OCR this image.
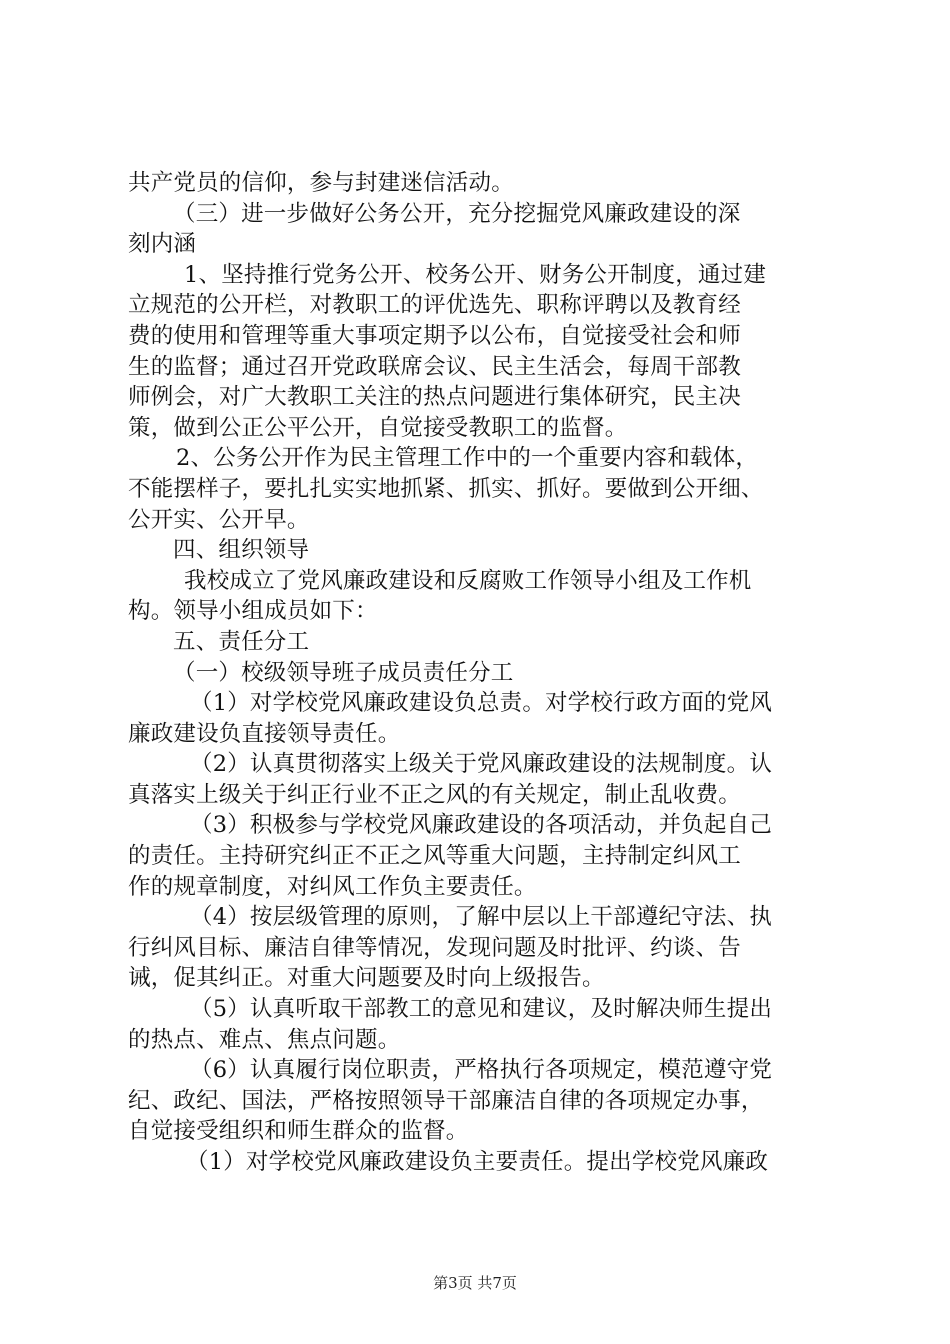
共产党员的信仰，参与封建迷信活动。
（三）进一步做好公务公开，充分挖掘党风廉政建设的深
刻内涵
1、坚持推行党务公开、校务公开、财务公开制度，通过建
立规范的公开栏，对教职工的评优选先、职称评聘以及教育经
费的使用和管理等重大事项定期予以公布，自觉接受社会和师
生的监督；通过召开党政联席会议、民主生活会，每周干部教
师例会，对广大教职工关注的热点问题进行集体研究，民主决
策，做到公正公平公开，自觉接受教职工的监督。
2、公务公开作为民主管理工作中的一个重要内容和载体，
不能摆样子，要扎扎实实地抓紧、抓实、抓好。要做到公开细、
公开实、公开早。
四、组织领导
我校成立了党风廉政建设和反腐败工作领导小组及工作机
构。领导小组成员如下：
五、责任分工
（一）校级领导班子成员责任分工
（1）对学校党风廉政建设负总责。对学校行政方面的党风
廉政建设负直接领导责任。
（2）认真贯彻落实上级关于党风廉政建设的法规制度。认
真落实上级关于纠正行业不正之风的有关规定，制止乱收费。
（3）积极参与学校党风廉政建设的各项活动，并负起自己
的责任。主持研究纠正不正之风等重大问题，主持制定纠风工
作的规章制度，对纠风工作负主要责任。
（4）按层级管理的原则，了解中层以上干部遵纪守法、执
行纠风目标、廉洁自律等情况，发现问题及时批评、约谈、告
诫，促其纠正。对重大问题要及时向上级报告。
（5）认真听取干部教工的意见和建议，及时解决师生提出
的热点、难点、焦点问题。
（6）认真履行岗位职责，严格执行各项规定，模范遵守党
纪、政纪、国法，严格按照领导干部廉洁自律的各项规定办事，
自觉接受组织和师生群众的监督。
（1）对学校党风廉政建设负主要责任。提出学校党风廉政
第3页 共7页
